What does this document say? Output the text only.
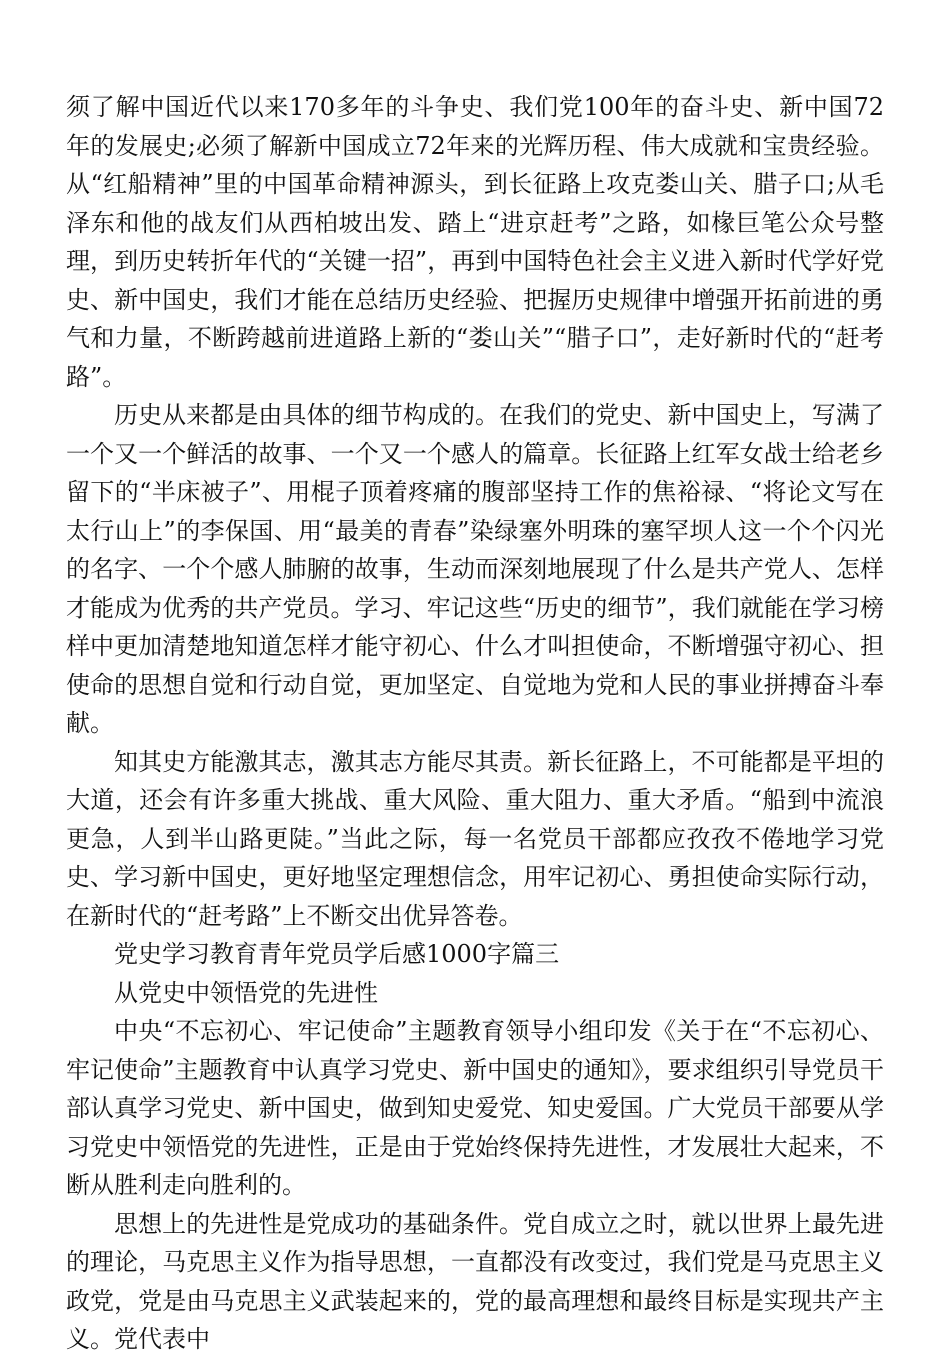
须了解中国近代以来170多年的斗争史、我们党100年的奋斗史、新中国72年的发展史;必须了解新中国成立72年来的光辉历程、伟大成就和宝贵经验。从“红船精神”里的中国革命精神源头，到长征路上攻克娄山关、腊子口;从毛泽东和他的战友们从西柏坡出发、踏上“进京赶考”之路，如椽巨笔公众号整理，到历史转折年代的“关键一招”，再到中国特色社会主义进入新时代学好党史、新中国史，我们才能在总结历史经验、把握历史规律中增强开拓前进的勇气和力量，不断跨越前进道路上新的“娄山关”“腊子口”，走好新时代的“赶考路”。

历史从来都是由具体的细节构成的。在我们的党史、新中国史上，写满了一个又一个鲜活的故事、一个又一个感人的篇章。长征路上红军女战士给老乡留下的“半床被子”、用棍子顶着疼痛的腹部坚持工作的焦裕禄、“将论文写在太行山上”的李保国、用“最美的青春”染绿塞外明珠的塞罕坝人这一个个闪光的名字、一个个感人肺腑的故事，生动而深刻地展现了什么是共产党人、怎样才能成为优秀的共产党员。学习、牢记这些“历史的细节”，我们就能在学习榜样中更加清楚地知道怎样才能守初心、什么才叫担使命，不断增强守初心、担使命的思想自觉和行动自觉，更加坚定、自觉地为党和人民的事业拼搏奋斗奉献。

知其史方能激其志，激其志方能尽其责。新长征路上，不可能都是平坦的大道，还会有许多重大挑战、重大风险、重大阻力、重大矛盾。“船到中流浪更急，人到半山路更陡。”当此之际，每一名党员干部都应孜孜不倦地学习党史、学习新中国史，更好地坚定理想信念，用牢记初心、勇担使命实际行动，在新时代的“赶考路”上不断交出优异答卷。

党史学习教育青年党员学后感1000字篇三

从党史中领悟党的先进性

中央“不忘初心、牢记使命”主题教育领导小组印发《关于在“不忘初心、牢记使命”主题教育中认真学习党史、新中国史的通知》，要求组织引导党员干部认真学习党史、新中国史，做到知史爱党、知史爱国。广大党员干部要从学习党史中领悟党的先进性，正是由于党始终保持先进性，才发展壮大起来，不断从胜利走向胜利的。

思想上的先进性是党成功的基础条件。党自成立之时，就以世界上最先进的理论，马克思主义作为指导思想，一直都没有改变过，我们党是马克思主义政党，党是由马克思主义武装起来的，党的最高理想和最终目标是实现共产主义。党代表中
